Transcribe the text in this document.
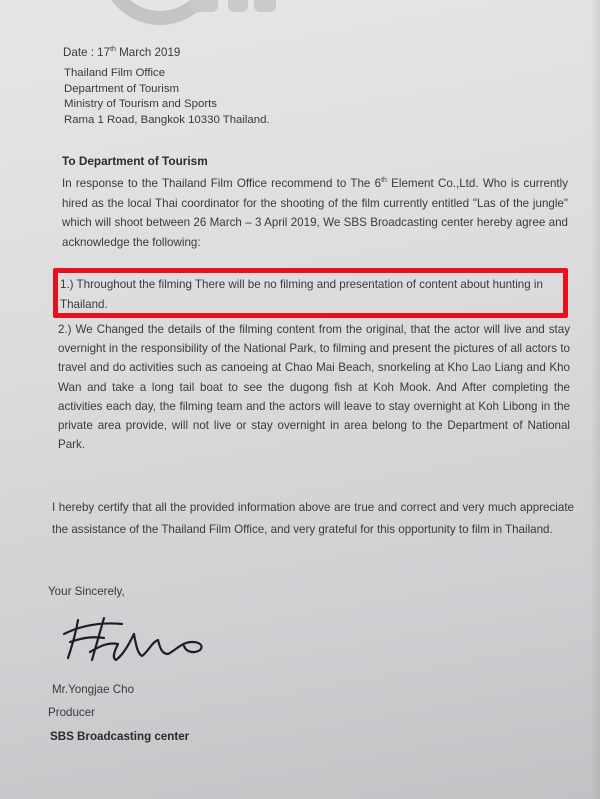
Date : 17th March 2019
Thailand Film Office
Department of Tourism
Ministry of Tourism and Sports
Rama 1 Road, Bangkok 10330 Thailand.
To Department of Tourism
In response to the Thailand Film Office recommend to The 6th Element Co.,Ltd. Who is currently hired as the local Thai coordinator for the shooting of the film currently entitled "Las of the jungle" which will shoot between 26 March – 3 April 2019, We SBS Broadcasting center hereby agree and acknowledge the following:
1.) Throughout the filming There will be no filming and presentation of content about hunting in Thailand.
2.) We Changed the details of the filming content from the original, that the actor will live and stay overnight in the responsibility of the National Park, to filming and present the pictures of all actors to travel and do activities such as canoeing at Chao Mai Beach, snorkeling at Kho Lao Liang and Kho Wan and take a long tail boat to see the dugong fish at Koh Mook. And After completing the activities each day, the filming team and the actors will leave to stay overnight at Koh Libong in the private area provide, will not live or stay overnight in area belong to the Department of National Park.
I hereby certify that all the provided information above are true and correct and very much appreciate the assistance of the Thailand Film Office, and very grateful for this opportunity to film in Thailand.
Your Sincerely,
Mr.Yongjae Cho
Producer
SBS Broadcasting center
